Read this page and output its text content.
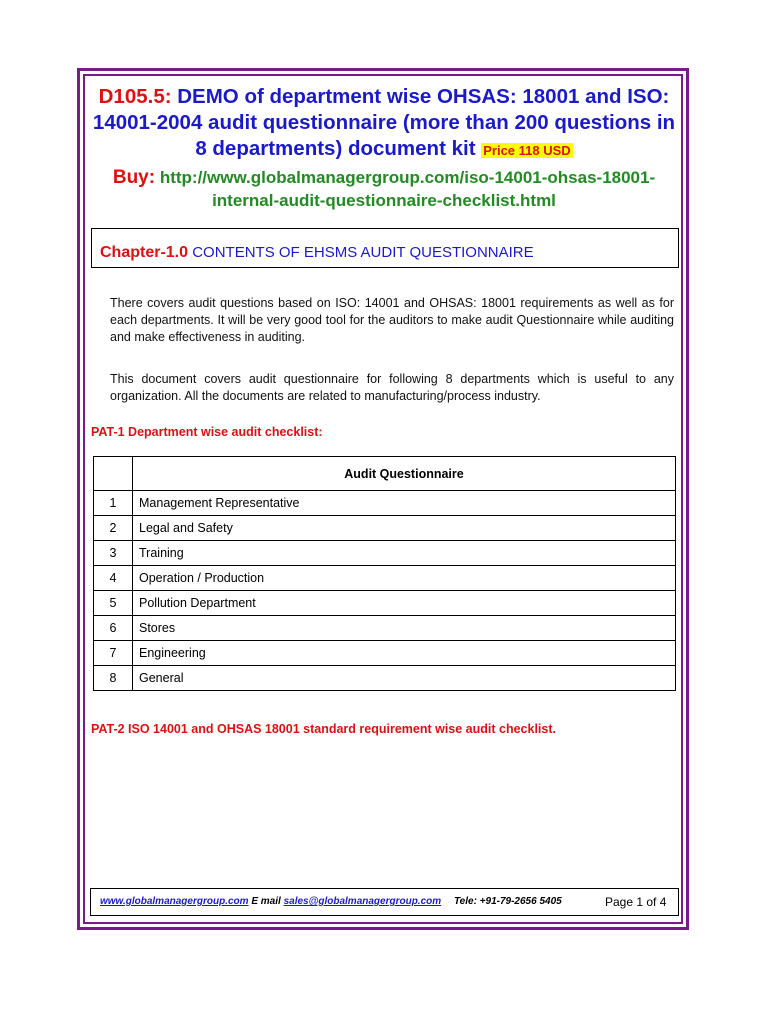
D105.5: DEMO of department wise OHSAS: 18001 and ISO: 14001-2004 audit questionnaire (more than 200 questions in 8 departments) document kit Price 118 USD
Buy: http://www.globalmanagergroup.com/iso-14001-ohsas-18001-internal-audit-questionnaire-checklist.html
Chapter-1.0 CONTENTS OF EHSMS AUDIT QUESTIONNAIRE
There covers audit questions based on ISO: 14001 and OHSAS: 18001 requirements as well as for each departments. It will be very good tool for the auditors to make audit Questionnaire while auditing and make effectiveness in auditing.
This document covers audit questionnaire for following 8 departments which is useful to any organization. All the documents are related to manufacturing/process industry.
PAT-1 Department wise audit checklist:
	Audit Questionnaire
1	Management Representative
2	Legal and Safety
3	Training
4	Operation / Production
5	Pollution Department
6	Stores
7	Engineering
8	General
PAT-2 ISO 14001 and OHSAS 18001 standard requirement wise audit checklist.
www.globalmanagergroup.com E mail sales@globalmanagergroup.com Tele: +91-79-2656 5405	Page 1 of 4
